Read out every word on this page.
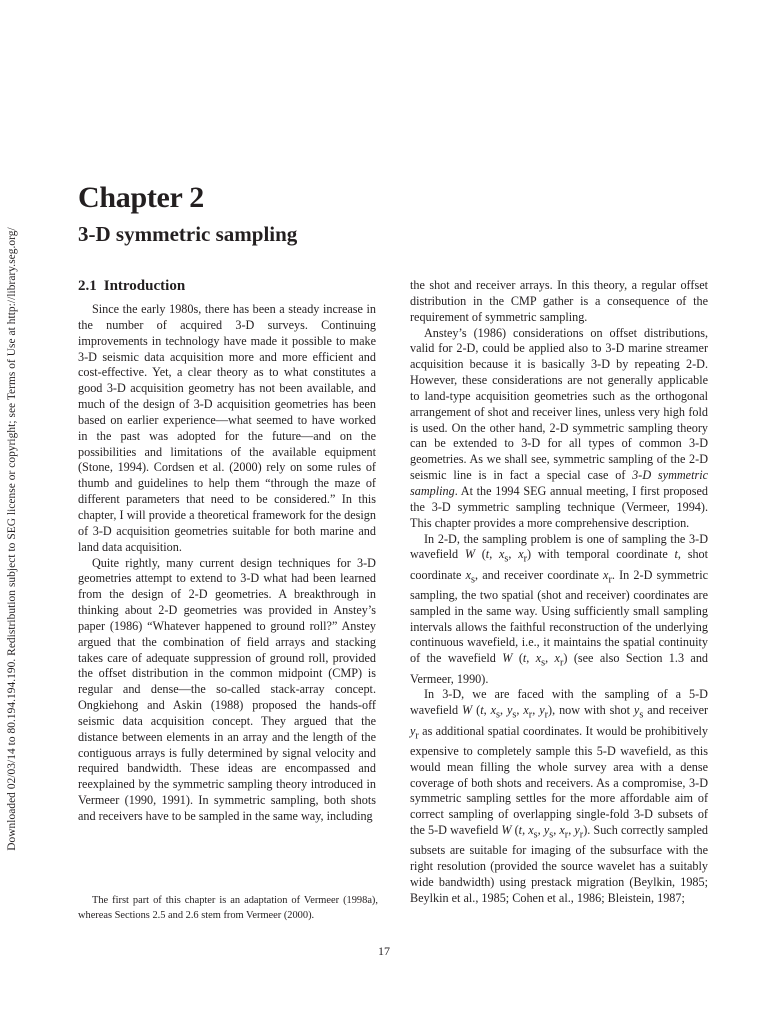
Downloaded 02/03/14 to 80.194.194.190. Redistribution subject to SEG license or copyright; see Terms of Use at http://library.seg.org/
Chapter 2
3-D symmetric sampling
2.1 Introduction

Since the early 1980s, there has been a steady increase in the number of acquired 3-D surveys. Continuing improvements in technology have made it possible to make 3-D seismic data acquisition more and more efficient and cost-effective. Yet, a clear theory as to what constitutes a good 3-D acquisition geometry has not been available, and much of the design of 3-D acquisition geometries has been based on earlier experience—what seemed to have worked in the past was adopted for the future—and on the possibilities and limitations of the available equipment (Stone, 1994). Cordsen et al. (2000) rely on some rules of thumb and guidelines to help them “through the maze of different parameters that need to be considered.” In this chapter, I will provide a theoretical framework for the design of 3-D acquisition geometries suitable for both marine and land data acquisition.

Quite rightly, many current design techniques for 3-D geometries attempt to extend to 3-D what had been learned from the design of 2-D geometries. A breakthrough in thinking about 2-D geometries was provided in Anstey’s paper (1986) “Whatever happened to ground roll?” Anstey argued that the combination of field arrays and stacking takes care of adequate suppression of ground roll, provided the offset distribution in the common midpoint (CMP) is regular and dense—the so-called stack-array concept. Ongkiehong and Askin (1988) proposed the hands-off seismic data acquisition concept. They argued that the distance between elements in an array and the length of the contiguous arrays is fully determined by signal velocity and required bandwidth. These ideas are encompassed and reexplained by the symmetric sampling theory introduced in Vermeer (1990, 1991). In symmetric sampling, both shots and receivers have to be sampled in the same way, including

the shot and receiver arrays. In this theory, a regular offset distribution in the CMP gather is a consequence of the requirement of symmetric sampling.

Anstey’s (1986) considerations on offset distributions, valid for 2-D, could be applied also to 3-D marine streamer acquisition because it is basically 3-D by repeating 2-D. However, these considerations are not generally applicable to land-type acquisition geometries such as the orthogonal arrangement of shot and receiver lines, unless very high fold is used. On the other hand, 2-D symmetric sampling theory can be extended to 3-D for all types of common 3-D geometries. As we shall see, symmetric sampling of the 2-D seismic line is in fact a special case of 3-D symmetric sampling. At the 1994 SEG annual meeting, I first proposed the 3-D symmetric sampling technique (Vermeer, 1994). This chapter provides a more comprehensive description.

In 2-D, the sampling problem is one of sampling the 3-D wavefield W (t, $x_s$, $x_r$) with temporal coordinate t, shot coordinate $x_s$, and receiver coordinate $x_r$. In 2-D symmetric sampling, the two spatial (shot and receiver) coordinates are sampled in the same way. Using sufficiently small sampling intervals allows the faithful reconstruction of the underlying continuous wavefield, i.e., it maintains the spatial continuity of the wavefield W (t, $x_s$, $x_r$) (see also Section 1.3 and Vermeer, 1990).

In 3-D, we are faced with the sampling of a 5-D wavefield W (t, $x_s$, $y_s$, $x_r$, $y_r$), now with shot $y_s$ and receiver $y_r$ as additional spatial coordinates. It would be prohibitively expensive to completely sample this 5-D wavefield, as this would mean filling the whole survey area with a dense coverage of both shots and receivers. As a compromise, 3-D symmetric sampling settles for the more affordable aim of correct sampling of overlapping single-fold 3-D subsets of the 5-D wavefield W (t, $x_s$, $y_s$, $x_r$, $y_r$). Such correctly sampled subsets are suitable for imaging of the subsurface with the right resolution (provided the source wavelet has a suitably wide bandwidth) using prestack migration (Beylkin, 1985; Beylkin et al., 1985; Cohen et al., 1986; Bleistein, 1987;

The first part of this chapter is an adaptation of Vermeer (1998a), whereas Sections 2.5 and 2.6 stem from Vermeer (2000).
17
